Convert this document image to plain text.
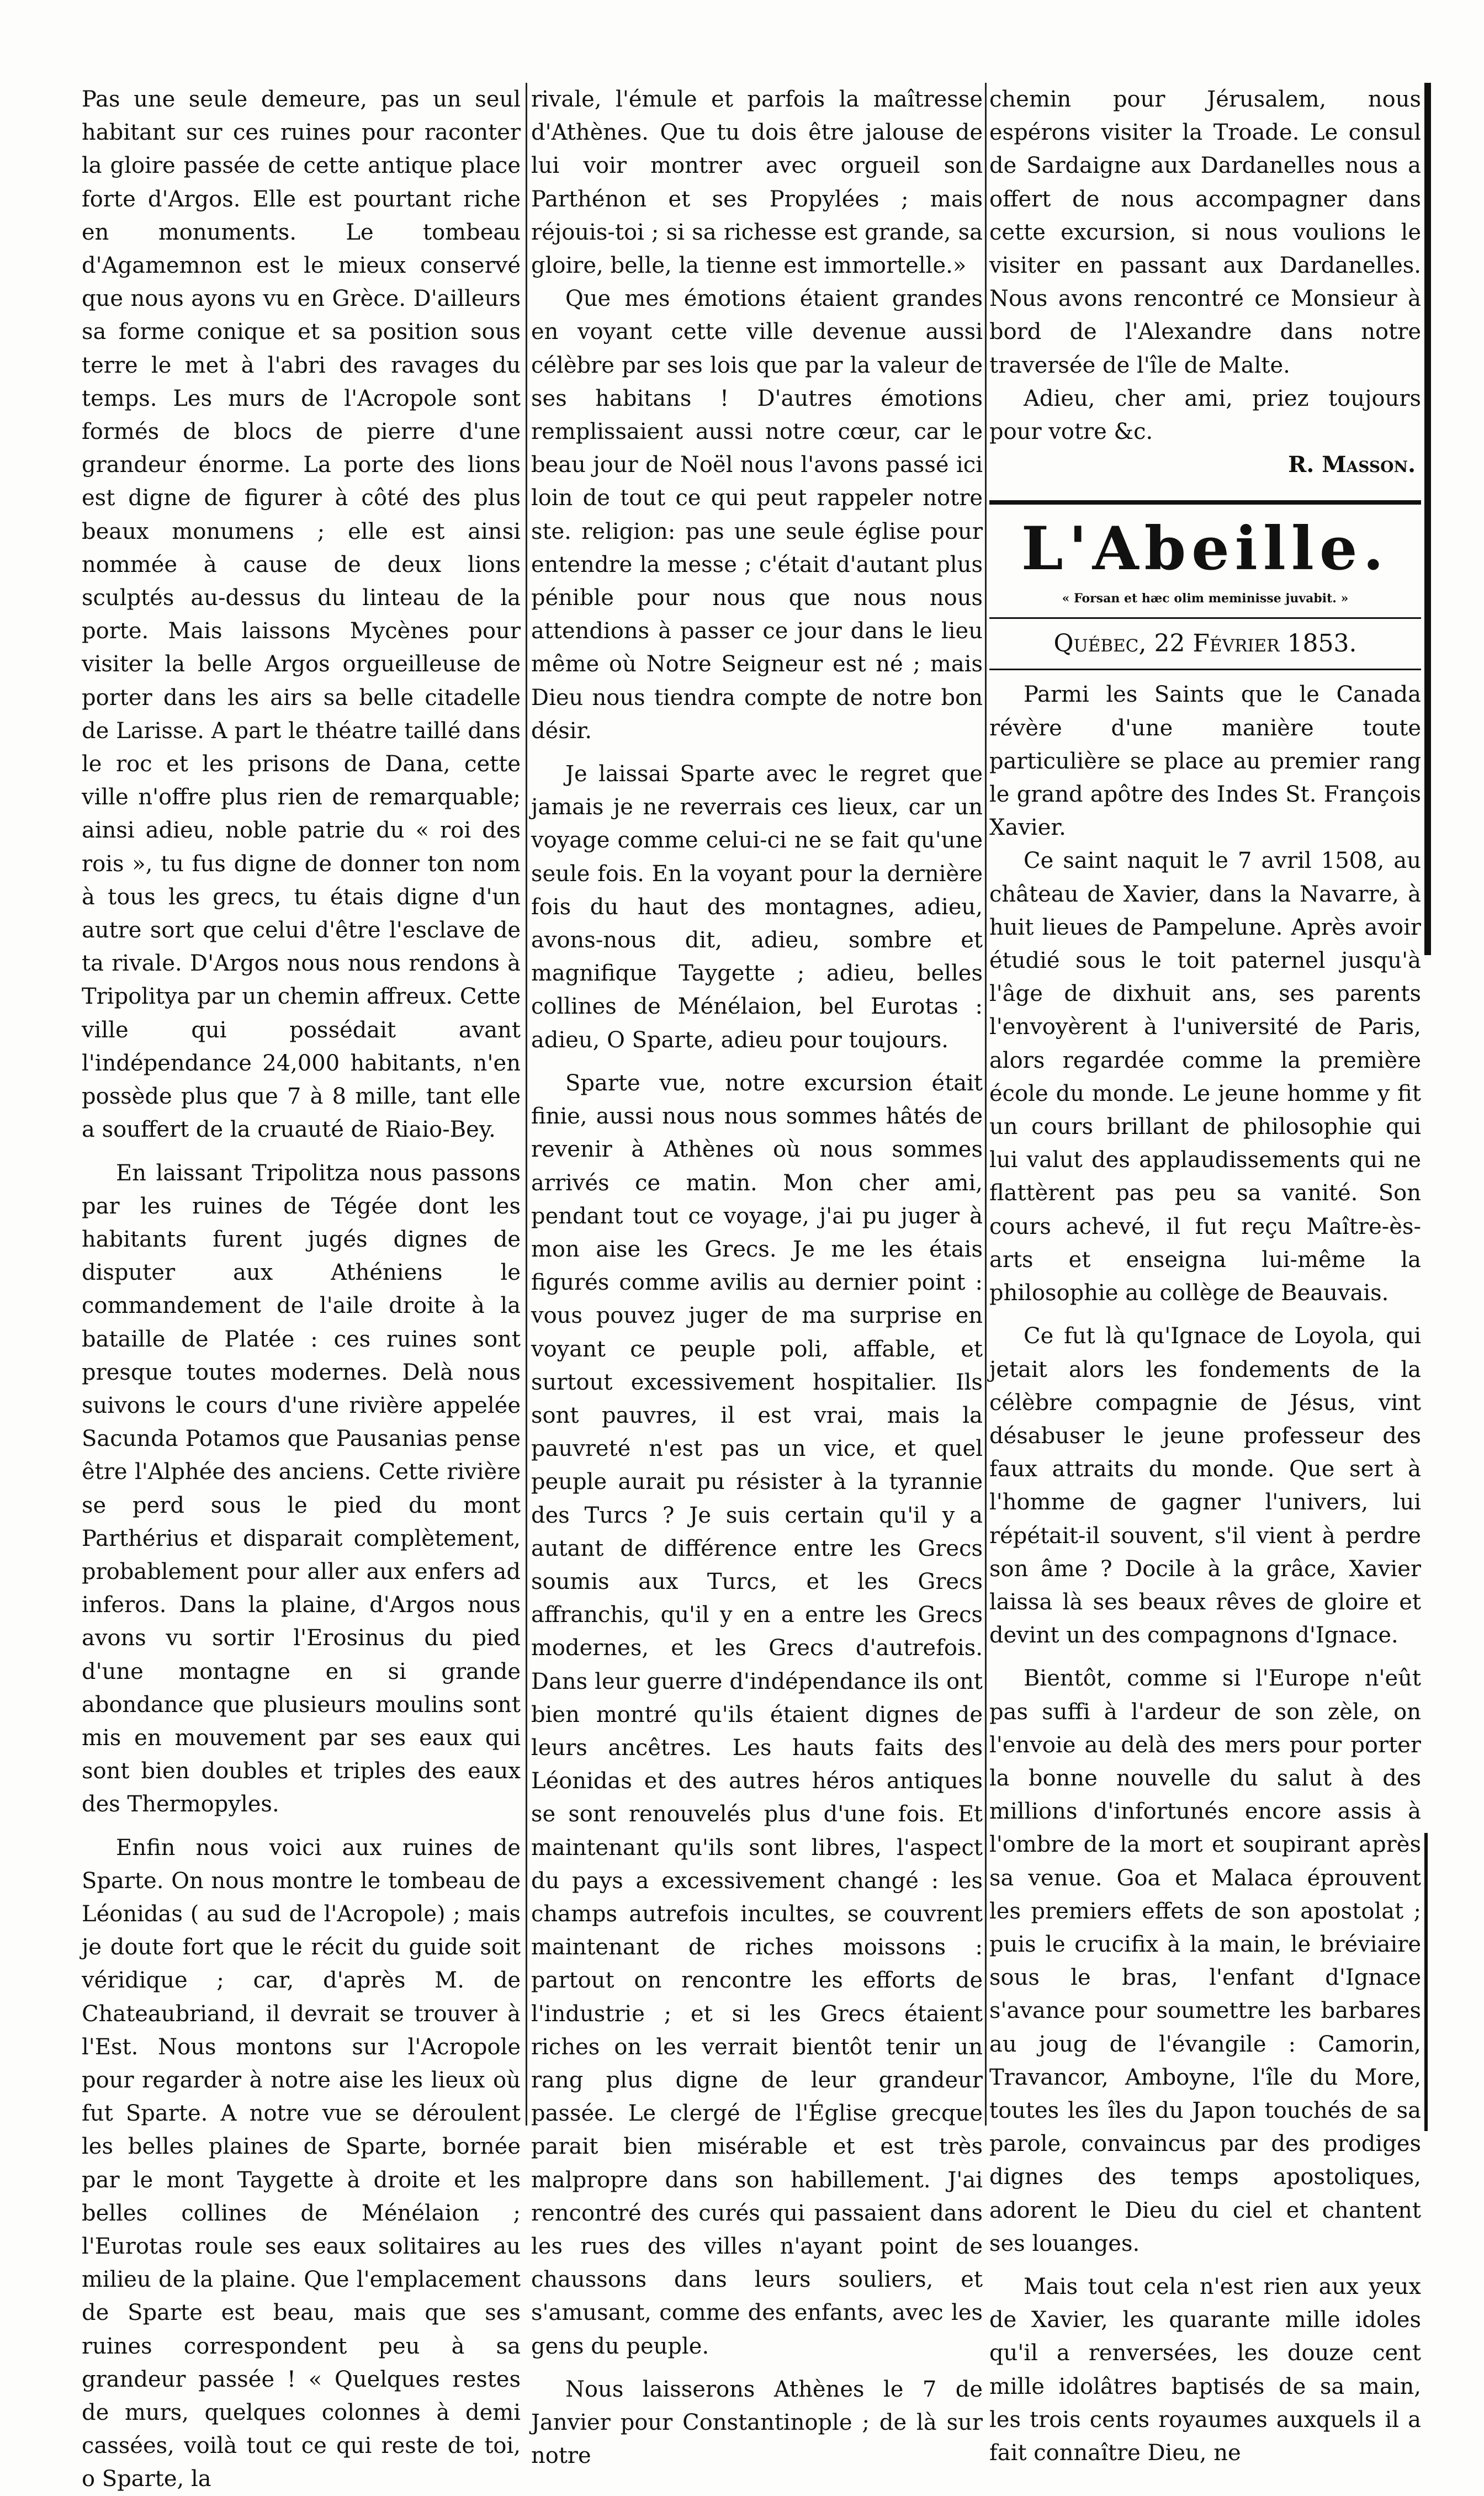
Pas une seule demeure, pas un seul habitant sur ces ruines pour raconter la gloire passée de cette antique place forte d'Argos. Elle est pourtant riche en monuments. Le tombeau d'Agamemnon est le mieux conservé que nous ayons vu en Grèce. D'ailleurs sa forme conique et sa position sous terre le met à l'abri des ravages du temps. Les murs de l'Acropole sont formés de blocs de pierre d'une grandeur énorme. La porte des lions est digne de figurer à côté des plus beaux monumens ; elle est ainsi nommée à cause de deux lions sculptés au-dessus du linteau de la porte. Mais laissons Mycènes pour visiter la belle Argos orgueilleuse de porter dans les airs sa belle citadelle de Larisse. A part le théatre taillé dans le roc et les prisons de Dana, cette ville n'offre plus rien de remarquable; ainsi adieu, noble patrie du « roi des rois », tu fus digne de donner ton nom à tous les grecs, tu étais digne d'un autre sort que celui d'être l'esclave de ta rivale. D'Argos nous nous rendons à Tripolitya par un chemin affreux. Cette ville qui possédait avant l'indépendance 24,000 habitants, n'en possède plus que 7 à 8 mille, tant elle a souffert de la cruauté de Riaio-Bey.

En laissant Tripolitza nous passons par les ruines de Tégée dont les habitants furent jugés dignes de disputer aux Athéniens le commandement de l'aile droite à la bataille de Platée : ces ruines sont presque toutes modernes. Delà nous suivons le cours d'une rivière appelée Sacunda Potamos que Pausanias pense être l'Alphée des anciens. Cette rivière se perd sous le pied du mont Parthérius et disparait complètement, probablement pour aller aux enfers ad inferos. Dans la plaine, d'Argos nous avons vu sortir l'Erosinus du pied d'une montagne en si grande abondance que plusieurs moulins sont mis en mouvement par ses eaux qui sont bien doubles et triples des eaux des Thermopyles.

Enfin nous voici aux ruines de Sparte. On nous montre le tombeau de Léonidas ( au sud de l'Acropole) ; mais je doute fort que le récit du guide soit véridique ; car, d'après M. de Chateaubriand, il devrait se trouver à l'Est. Nous montons sur l'Acropole pour regarder à notre aise les lieux où fut Sparte. A notre vue se déroulent les belles plaines de Sparte, bornée par le mont Taygette à droite et les belles collines de Ménélaion ; l'Eurotas roule ses eaux solitaires au milieu de la plaine. Que l'emplacement de Sparte est beau, mais que ses ruines correspondent peu à sa grandeur passée ! « Quelques restes de murs, quelques colonnes à demi cassées, voilà tout ce qui reste de toi, o Sparte, la

rivale, l'émule et parfois la maîtresse d'Athènes. Que tu dois être jalouse de lui voir montrer avec orgueil son Parthénon et ses Propylées ; mais réjouis-toi ; si sa richesse est grande, sa gloire, belle, la tienne est immortelle.»

Que mes émotions étaient grandes en voyant cette ville devenue aussi célèbre par ses lois que par la valeur de ses habitans ! D'autres émotions remplissaient aussi notre cœur, car le beau jour de Noël nous l'avons passé ici loin de tout ce qui peut rappeler notre ste. religion: pas une seule église pour entendre la messe ; c'était d'autant plus pénible pour nous que nous nous attendions à passer ce jour dans le lieu même où Notre Seigneur est né ; mais Dieu nous tiendra compte de notre bon désir.

Je laissai Sparte avec le regret que jamais je ne reverrais ces lieux, car un voyage comme celui-ci ne se fait qu'une seule fois. En la voyant pour la dernière fois du haut des montagnes, adieu, avons-nous dit, adieu, sombre et magnifique Taygette ; adieu, belles collines de Ménélaion, bel Eurotas : adieu, O Sparte, adieu pour toujours.

Sparte vue, notre excursion était finie, aussi nous nous sommes hâtés de revenir à Athènes où nous sommes arrivés ce matin. Mon cher ami, pendant tout ce voyage, j'ai pu juger à mon aise les Grecs. Je me les étais figurés comme avilis au dernier point : vous pouvez juger de ma surprise en voyant ce peuple poli, affable, et surtout excessivement hospitalier. Ils sont pauvres, il est vrai, mais la pauvreté n'est pas un vice, et quel peuple aurait pu résister à la tyrannie des Turcs ? Je suis certain qu'il y a autant de différence entre les Grecs soumis aux Turcs, et les Grecs affranchis, qu'il y en a entre les Grecs modernes, et les Grecs d'autrefois. Dans leur guerre d'indépendance ils ont bien montré qu'ils étaient dignes de leurs ancêtres. Les hauts faits des Léonidas et des autres héros antiques se sont renouvelés plus d'une fois. Et maintenant qu'ils sont libres, l'aspect du pays a excessivement changé : les champs autrefois incultes, se couvrent maintenant de riches moissons : partout on rencontre les efforts de l'industrie ; et si les Grecs étaient riches on les verrait bientôt tenir un rang plus digne de leur grandeur passée. Le clergé de l'Église grecque parait bien misérable et est très malpropre dans son habillement. J'ai rencontré des curés qui passaient dans les rues des villes n'ayant point de chaussons dans leurs souliers, et s'amusant, comme des enfants, avec les gens du peuple.

Nous laisserons Athènes le 7 de Janvier pour Constantinople ; de là sur notre

chemin pour Jérusalem, nous espérons visiter la Troade. Le consul de Sardaigne aux Dardanelles nous a offert de nous accompagner dans cette excursion, si nous voulions le visiter en passant aux Dardanelles. Nous avons rencontré ce Monsieur à bord de l'Alexandre dans notre traversée de l'île de Malte.

Adieu, cher ami, priez toujours pour votre &c.

R. Masson.

L'Abeille.
« Forsan et hæc olim meminisse juvabit. »
Québec, 22 Février 1853.

Parmi les Saints que le Canada révère d'une manière toute particulière se place au premier rang le grand apôtre des Indes St. François Xavier.

Ce saint naquit le 7 avril 1508, au château de Xavier, dans la Navarre, à huit lieues de Pampelune. Après avoir étudié sous le toit paternel jusqu'à l'âge de dixhuit ans, ses parents l'envoyèrent à l'université de Paris, alors regardée comme la première école du monde. Le jeune homme y fit un cours brillant de philosophie qui lui valut des applaudissements qui ne flattèrent pas peu sa vanité. Son cours achevé, il fut reçu Maître-ès-arts et enseigna lui-même la philosophie au collège de Beauvais.

Ce fut là qu'Ignace de Loyola, qui jetait alors les fondements de la célèbre compagnie de Jésus, vint désabuser le jeune professeur des faux attraits du monde. Que sert à l'homme de gagner l'univers, lui répétait-il souvent, s'il vient à perdre son âme ? Docile à la grâce, Xavier laissa là ses beaux rêves de gloire et devint un des compagnons d'Ignace.

Bientôt, comme si l'Europe n'eût pas suffi à l'ardeur de son zèle, on l'envoie au delà des mers pour porter la bonne nouvelle du salut à des millions d'infortunés encore assis à l'ombre de la mort et soupirant après sa venue. Goa et Malaca éprouvent les premiers effets de son apostolat ; puis le crucifix à la main, le bréviaire sous le bras, l'enfant d'Ignace s'avance pour soumettre les barbares au joug de l'évangile : Camorin, Travancor, Amboyne, l'île du More, toutes les îles du Japon touchés de sa parole, convaincus par des prodiges dignes des temps apostoliques, adorent le Dieu du ciel et chantent ses louanges.

Mais tout cela n'est rien aux yeux de Xavier, les quarante mille idoles qu'il a renversées, les douze cent mille idolâtres baptisés de sa main, les trois cents royaumes auxquels il a fait connaître Dieu, ne
